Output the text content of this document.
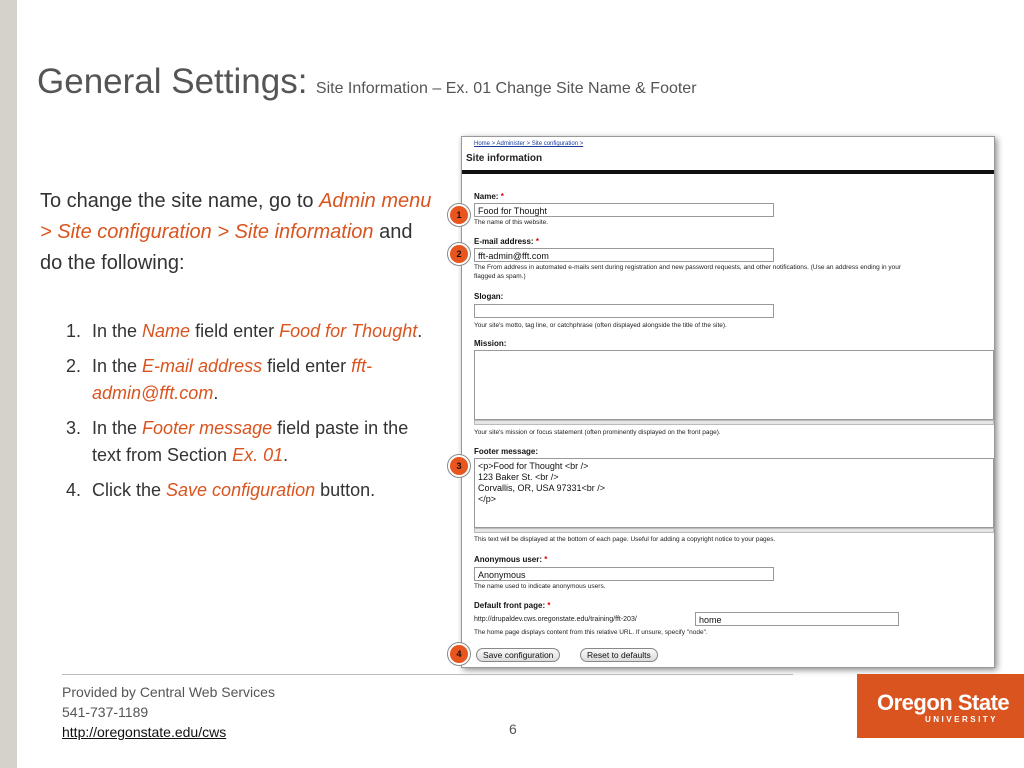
General Settings: Site Information – Ex. 01 Change Site Name & Footer
To change the site name, go to Admin menu > Site configuration > Site information and do the following:
1. In the Name field enter Food for Thought.
2. In the E-mail address field enter fft-admin@fft.com.
3. In the Footer message field paste in the text from Section Ex. 01.
4. Click the Save configuration button.
Home > Administer > Site configuration >
Site information
Name: *
Food for Thought
The name of this website.
E-mail address: *
fft-admin@fft.com
The From address in automated e-mails sent during registration and new password requests, and other notifications. (Use an address ending in your
flagged as spam.)
Slogan:
Your site's motto, tag line, or catchphrase (often displayed alongside the title of the site).
Mission:
Your site's mission or focus statement (often prominently displayed on the front page).
Footer message:
<p>Food for Thought <br />
123 Baker St. <br />
Corvallis, OR, USA 97331<br />
</p>
This text will be displayed at the bottom of each page. Useful for adding a copyright notice to your pages.
Anonymous user: *
Anonymous
The name used to indicate anonymous users.
Default front page: *
http://drupaldev.cws.oregonstate.edu/training/fft-203/	home
The home page displays content from this relative URL. If unsure, specify "node".
Save configuration	Reset to defaults
1
2
3
4
Provided by Central Web Services
541-737-1189
http://oregonstate.edu/cws	6
Oregon State
UNIVERSITY
